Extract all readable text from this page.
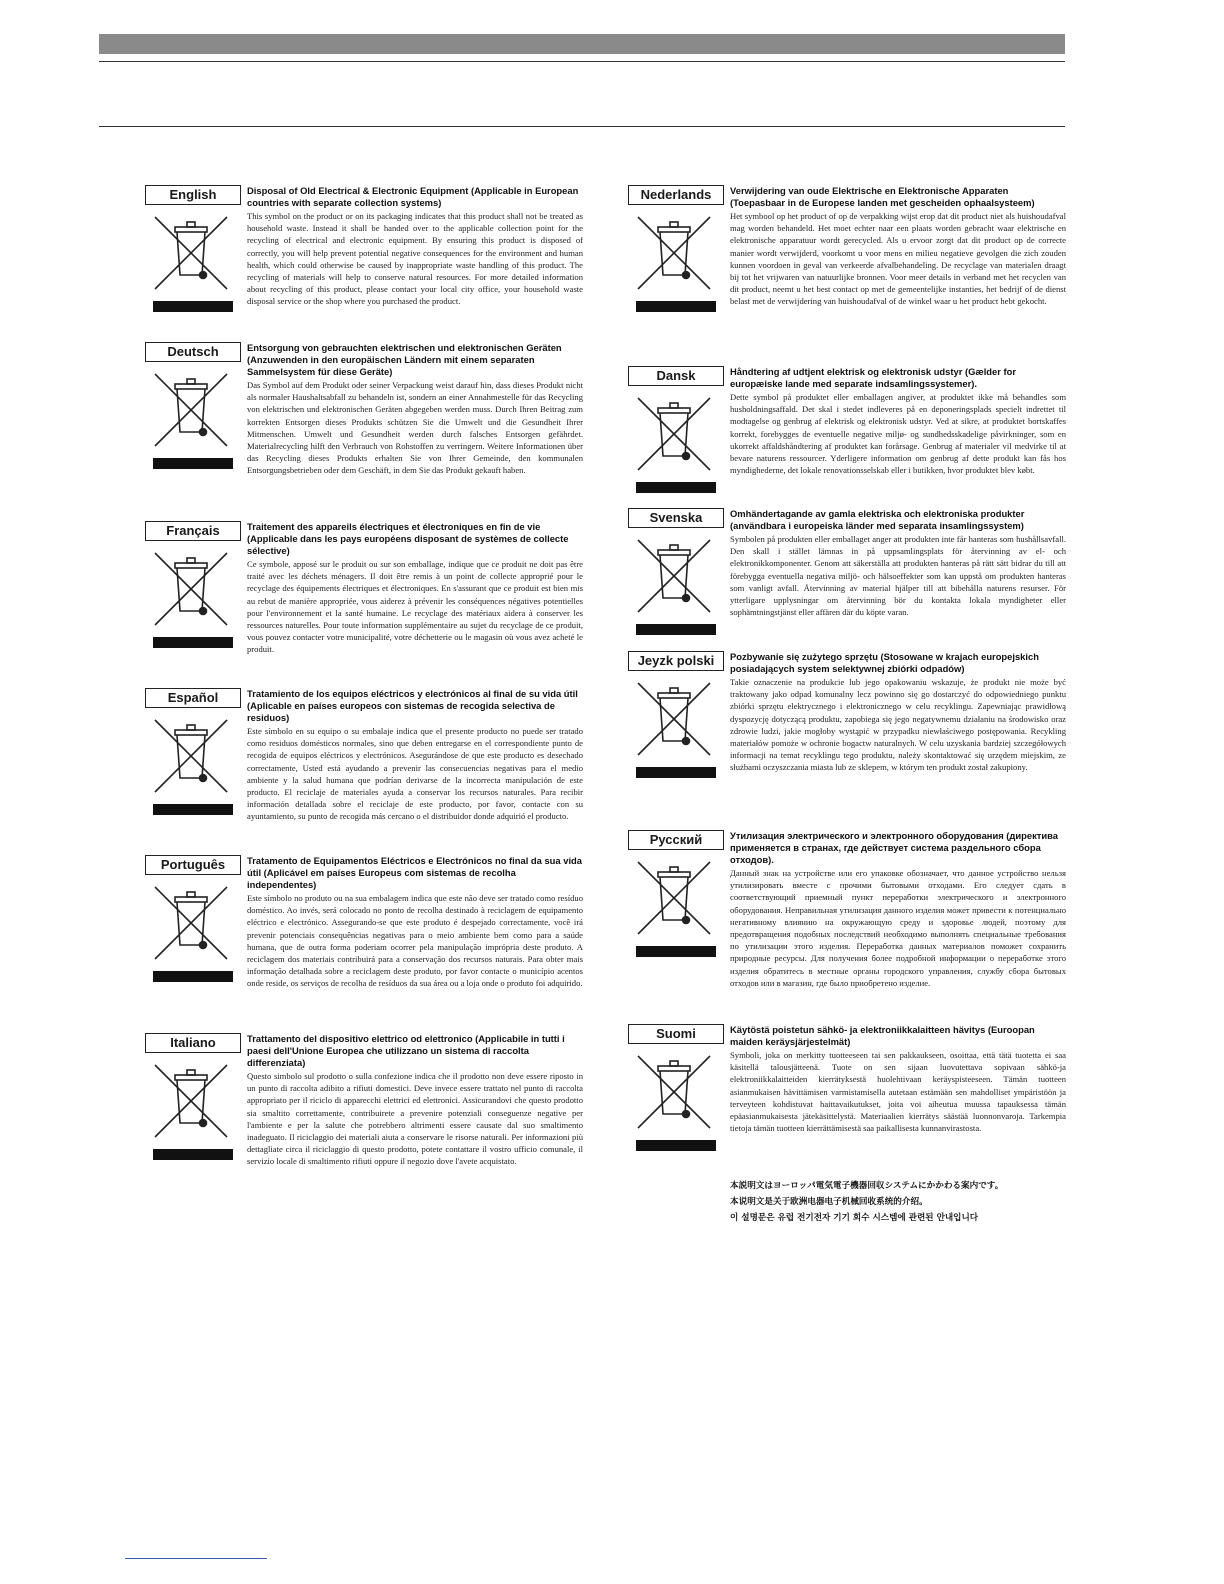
English	Disposal of Old Electrical & Electronic Equipment (Applicable in European countries with separate collection systems)

This symbol on the product or on its packaging indicates that this product shall not be treated as household waste. Instead it shall be handed over to the applicable collection point for the recycling of electrical and electronic equipment. By ensuring this product is disposed of correctly, you will help prevent potential negative consequences for the environment and human health, which could otherwise be caused by inappropriate waste handling of this product. The recycling of materials will help to conserve natural resources. For more detailed information about recycling of this product, please contact your local city office, your household waste disposal service or the shop where you purchased the product.

Deutsch	Entsorgung von gebrauchten elektrischen und elektronischen Geräten (Anzuwenden in den europäischen Ländern mit einem separaten Sammelsystem für diese Geräte)

Das Symbol auf dem Produkt oder seiner Verpackung weist darauf hin, dass dieses Produkt nicht als normaler Haushaltsabfall zu behandeln ist, sondern an einer Annahmestelle für das Recycling von elektrischen und elektronischen Geräten abgegeben werden muss. Durch Ihren Beitrag zum korrekten Entsorgen dieses Produkts schützen Sie die Umwelt und die Gesundheit Ihrer Mitmenschen. Umwelt und Gesundheit werden durch falsches Entsorgen gefährdet. Materialrecycling hilft den Verbrauch von Rohstoffen zu verringern. Weitere Informationen über das Recycling dieses Produkts erhalten Sie von Ihrer Gemeinde, den kommunalen Entsorgungsbetrieben oder dem Geschäft, in dem Sie das Produkt gekauft haben.

Français	Traitement des appareils électriques et électroniques en fin de vie (Applicable dans les pays européens disposant de systèmes de collecte sélective)

Ce symbole, apposé sur le produit ou sur son emballage, indique que ce produit ne doit pas être traité avec les déchets ménagers. Il doit être remis à un point de collecte approprié pour le recyclage des équipements électriques et électroniques. En s'assurant que ce produit est bien mis au rebut de manière appropriée, vous aiderez à prévenir les conséquences négatives potentielles pour l'environnement et la santé humaine. Le recyclage des matériaux aidera à conserver les ressources naturelles. Pour toute information supplémentaire au sujet du recyclage de ce produit, vous pouvez contacter votre municipalité, votre déchetterie ou le magasin où vous avez acheté le produit.

Español	Tratamiento de los equipos eléctricos y electrónicos al final de su vida útil (Aplicable en países europeos con sistemas de recogida selectiva de residuos)

Este símbolo en su equipo o su embalaje indica que el presente producto no puede ser tratado como residuos domésticos normales, sino que deben entregarse en el correspondiente punto de recogida de equipos eléctricos y electrónicos. Asegurándose de que este producto es desechado correctamente, Usted está ayudando a prevenir las consecuencias negativas para el medio ambiente y la salud humana que podrían derivarse de la incorrecta manipulación de este producto. El reciclaje de materiales ayuda a conservar los recursos naturales. Para recibir información detallada sobre el reciclaje de este producto, por favor, contacte con su ayuntamiento, su punto de recogida más cercano o el distribuidor donde adquirió el producto.

Português	Tratamento de Equipamentos Eléctricos e Electrónicos no final da sua vida útil (Aplicável em países Europeus com sistemas de recolha independentes)

Este símbolo no produto ou na sua embalagem indica que este não deve ser tratado como resíduo doméstico. Ao invés, será colocado no ponto de recolha destinado à reciclagem de equipamento eléctrico e electrónico. Assegurando-se que este produto é despejado correctamente, você irá prevenir potenciais consequências negativas para o meio ambiente bem como para a saúde humana, que de outra forma poderiam ocorrer pela manipulação imprópria deste produto. A reciclagem dos materiais contribuirá para a conservação dos recursos naturais. Para obter mais informação detalhada sobre a reciclagem deste produto, por favor contacte o município acentos onde reside, os serviços de recolha de resíduos da sua área ou a loja onde o produto foi adquirido.

Italiano	Trattamento del dispositivo elettrico od elettronico (Applicabile in tutti i paesi dell'Unione Europea che utilizzano un sistema di raccolta differenziata)

Questo simbolo sul prodotto o sulla confezione indica che il prodotto non deve essere riposto in un punto di raccolta adibito a rifiuti domestici. Deve invece essere trattato nel punto di raccolta appropriato per il riciclo di apparecchi elettrici ed elettronici. Assicurandovi che questo prodotto sia smaltito correttamente, contribuirete a prevenire potenziali conseguenze negative per l'ambiente e per la salute che potrebbero altrimenti essere causate dal suo smaltimento inadeguato. Il riciclaggio dei materiali aiuta a conservare le risorse naturali. Per informazioni più dettagliate circa il riciclaggio di questo prodotto, potete contattare il vostro ufficio comunale, il servizio locale di smaltimento rifiuti oppure il negozio dove l'avete acquistato.

Nederlands	Verwijdering van oude Elektrische en Elektronische Apparaten (Toepasbaar in de Europese landen met gescheiden ophaalsysteem)

Het symbool op het product of op de verpakking wijst erop dat dit product niet als huishoudafval mag worden behandeld. Het moet echter naar een plaats worden gebracht waar elektrische en elektronische apparatuur wordt gerecycled. Als u ervoor zorgt dat dit product op de correcte manier wordt verwijderd, voorkomt u voor mens en milieu negatieve gevolgen die zich zouden kunnen voordoen in geval van verkeerde afvalbehandeling. De recyclage van materialen draagt bij tot het vrijwaren van natuurlijke bronnen. Voor meer details in verband met het recyclen van dit product, neemt u het best contact op met de gemeentelijke instanties, het bedrijf of de dienst belast met de verwijdering van huishoudafval of de winkel waar u het product hebt gekocht.

Dansk	Håndtering af udtjent elektrisk og elektronisk udstyr (Gælder for europæiske lande med separate indsamlingssystemer).

Dette symbol på produktet eller emballagen angiver, at produktet ikke må behandles som husholdningsaffald. Det skal i stedet indleveres på en deponeringsplads specielt indrettet til modtagelse og genbrug af elektrisk og elektronisk udstyr. Ved at sikre, at produktet bortskaffes korrekt, forebygges de eventuelle negative miljø- og sundhedsskadelige påvirkninger, som en ukorrekt affaldshåndtering af produktet kan forårsage. Genbrug af materialer vil medvirke til at bevare naturens ressourcer. Yderligere information om genbrug af dette produkt kan fås hos myndighederne, det lokale renovationsselskab eller i butikken, hvor produktet blev købt.

Svenska	Omhändertagande av gamla elektriska och elektroniska produkter (användbara i europeiska länder med separata insamlingssystem)

Symbolen på produkten eller emballaget anger att produkten inte får hanteras som hushållsavfall. Den skall i stället lämnas in på uppsamlingsplats för återvinning av el- och elektronikkomponenter. Genom att säkerställa att produkten hanteras på rätt sätt bidrar du till att förebygga eventuella negativa miljö- och hälsoeffekter som kan uppstå om produkten hanteras som vanligt avfall. Återvinning av material hjälper till att bibehålla naturens resurser. För ytterligare upplysningar om återvinning bör du kontakta lokala myndigheter eller sophämtningstjänst eller affären där du köpte varan.

Jeyzk polski	Pozbywanie się zużytego sprzętu (Stosowane w krajach europejskich posiadających system selektywnej zbiórki odpadów)

Takie oznaczenie na produkcie lub jego opakowaniu wskazuje, że produkt nie może być traktowany jako odpad komunalny lecz powinno się go dostarczyć do odpowiedniego punktu zbiórki sprzętu elektrycznego i elektronicznego w celu recyklingu. Zapewniając prawidłową dyspozycję dotyczącą produktu, zapobiega się jego negatywnemu działaniu na środowisko oraz zdrowie ludzi, jakie mogłoby wystąpić w przypadku niewłaściwego postępowania. Recykling materiałów pomoże w ochronie bogactw naturalnych. W celu uzyskania bardziej szczegółowych informacji na temat recyklingu tego produktu, należy skontaktować się urzędem miejskim, ze służbami oczyszczania miasta lub ze sklepem, w którym ten produkt został zakupiony.

Русский	Утилизация электрического и электронного оборудования (директива применяется в странах, где действует система раздельного сбора отходов).

Данный знак на устройстве или его упаковке обозначает, что данное устройство нельзя утилизировать вместе с прочими бытовыми отходами. Его следует сдать в соответствующий приемный пункт переработки электрического и электронного оборудования. Неправильная утилизация данного изделия может привести к потенциально негативному влиянию на окружающую среду и здоровье людей, поэтому для предотвращения подобных последствий необходимо выполнять специальные требования по утилизации этого изделия. Переработка данных материалов поможет сохранить природные ресурсы. Для получения более подробной информации о переработке этого изделия обратитесь в местные органы городского управления, службу сбора бытовых отходов или в магазин, где было приобретено изделие.

Suomi	Käytöstä poistetun sähkö- ja elektroniikkalaitteen hävitys (Euroopan maiden keräysjärjestelmät)

Symboli, joka on merkitty tuotteeseen tai sen pakkaukseen, osoittaa, että tätä tuotetta ei saa käsitellä talousjätteenä. Tuote on sen sijaan luovutettava sopivaan sähkö-ja elektroniikkalaitteiden kierrätyksestä huolehtivaan keräyspisteeseen. Tämän tuotteen asianmukaisen hävittämisen varmistamisella autetaan estämään sen mahdolliset ympäristöön ja terveyteen kohdistuvat haittavaikutukset, joita voi aiheutua muussa tapauksessa tämän epäasianmukaisesta jätekäsittelystä. Materiaalien kierrätys säästää luonnonvaroja. Tarkempia tietoja tämän tuotteen kierrättämisestä saa paikallisesta kunnanvirastosta.

本説明文はヨーロッパ電気電子機器回収システムにかかわる案内です。
本说明文是关于欧洲电器电子机械回收系统的介绍。
이 설명문은 유럽 전기전자 기기 회수 시스템에 관련된 안내입니다
